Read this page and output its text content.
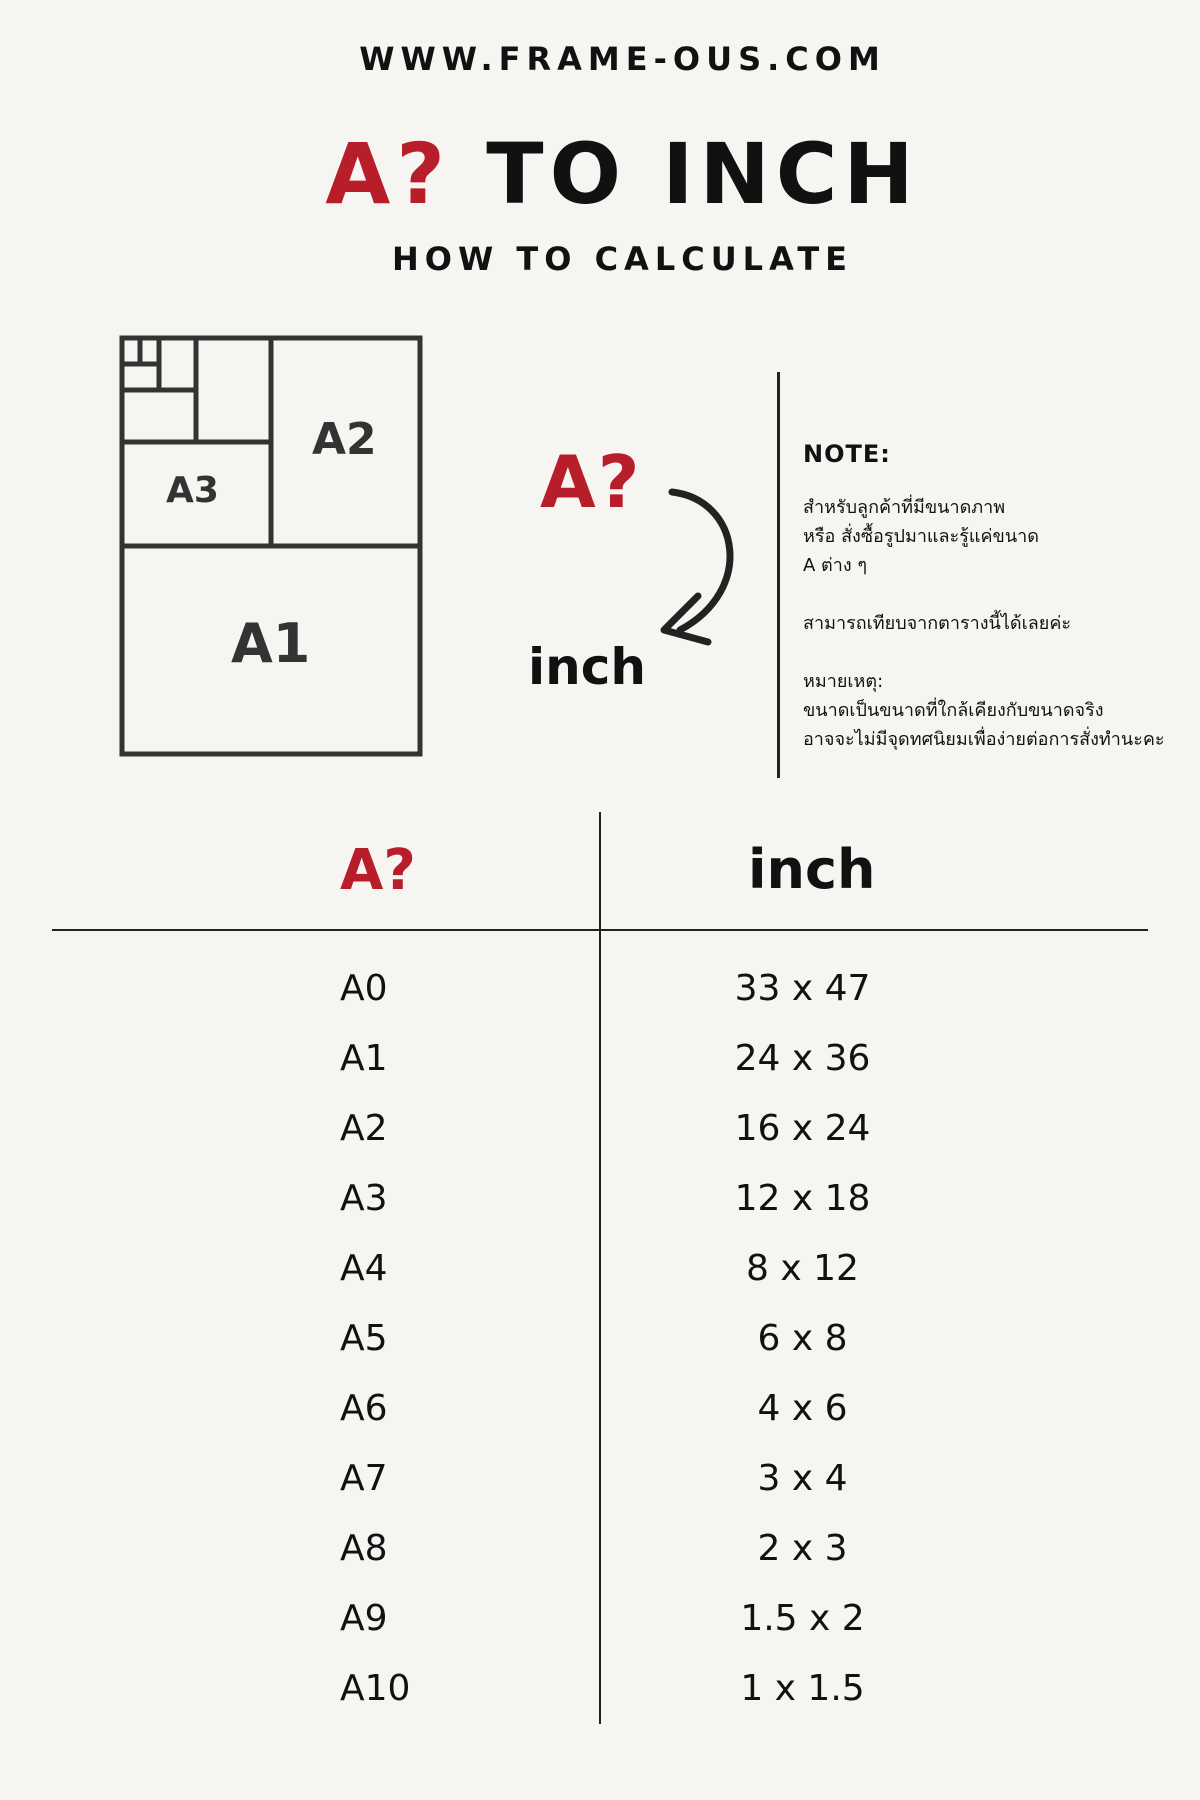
WWW.FRAME-OUS.COM
A? TO INCH
HOW TO CALCULATE
A1
A2
A3	A?
inch
NOTE:

สำหรับลูกค้าที่มีขนาดภาพ

หรือ สั่งซื้อรูปมาและรู้แค่ขนาด

A ต่าง ๆ

สามารถเทียบจากตารางนี้ได้เลยค่ะ

หมายเหตุ:

ขนาดเป็นขนาดที่ใกล้เคียงกับขนาดจริง

อาจจะไม่มีจุดทศนิยมเพื่อง่ายต่อการสั่งทำนะคะ

A?	inch
A0	33 x 47
A1	24 x 36
A2	16 x 24
A3	12 x 18
A4	8 x 12
A5	6 x 8
A6	4 x 6
A7	3 x 4
A8	2 x 3
A9	1.5 x 2
A10	1 x 1.5
